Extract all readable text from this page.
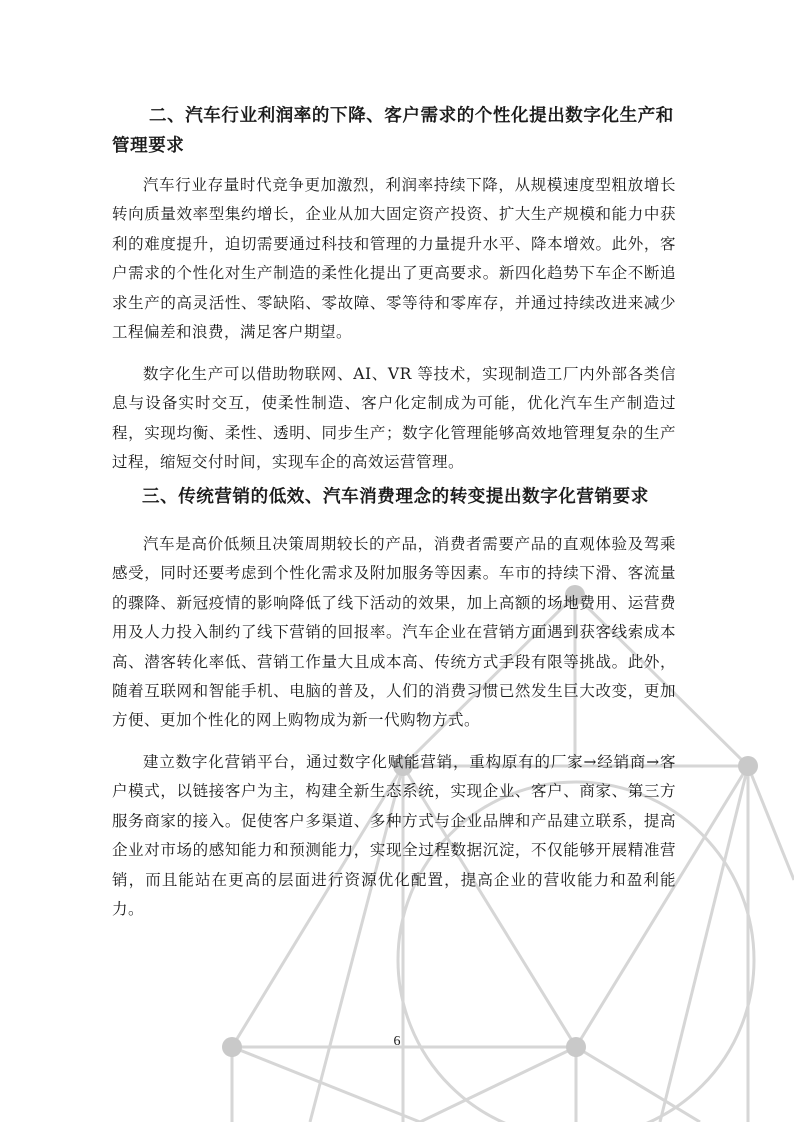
二、汽车行业利润率的下降、客户需求的个性化提出数字化生产和管理要求

汽车行业存量时代竞争更加激烈，利润率持续下降，从规模速度型粗放增长转向质量效率型集约增长，企业从加大固定资产投资、扩大生产规模和能力中获利的难度提升，迫切需要通过科技和管理的力量提升水平、降本增效。此外，客户需求的个性化对生产制造的柔性化提出了更高要求。新四化趋势下车企不断追求生产的高灵活性、零缺陷、零故障、零等待和零库存，并通过持续改进来减少工程偏差和浪费，满足客户期望。

数字化生产可以借助物联网、AI、VR 等技术，实现制造工厂内外部各类信息与设备实时交互，使柔性制造、客户化定制成为可能，优化汽车生产制造过程，实现均衡、柔性、透明、同步生产；数字化管理能够高效地管理复杂的生产过程，缩短交付时间，实现车企的高效运营管理。

三、传统营销的低效、汽车消费理念的转变提出数字化营销要求

汽车是高价低频且决策周期较长的产品，消费者需要产品的直观体验及驾乘感受，同时还要考虑到个性化需求及附加服务等因素。车市的持续下滑、客流量的骤降、新冠疫情的影响降低了线下活动的效果，加上高额的场地费用、运营费用及人力投入制约了线下营销的回报率。汽车企业在营销方面遇到获客线索成本高、潜客转化率低、营销工作量大且成本高、传统方式手段有限等挑战。此外，随着互联网和智能手机、电脑的普及，人们的消费习惯已然发生巨大改变，更加方便、更加个性化的网上购物成为新一代购物方式。

建立数字化营销平台，通过数字化赋能营销，重构原有的厂家→经销商→客户模式，以链接客户为主，构建全新生态系统，实现企业、客户、商家、第三方服务商家的接入。促使客户多渠道、多种方式与企业品牌和产品建立联系，提高企业对市场的感知能力和预测能力，实现全过程数据沉淀，不仅能够开展精准营销，而且能站在更高的层面进行资源优化配置，提高企业的营收能力和盈利能力。

6
